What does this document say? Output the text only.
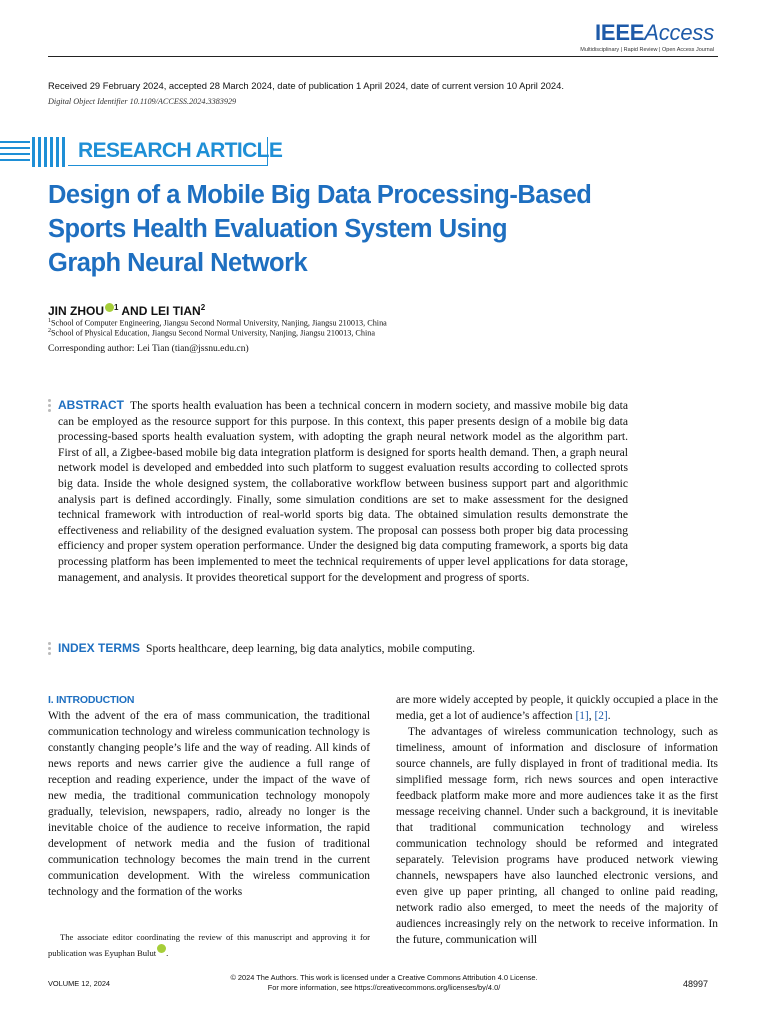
IEEEAccess
Multidisciplinary | Rapid Review | Open Access Journal
Received 29 February 2024, accepted 28 March 2024, date of publication 1 April 2024, date of current version 10 April 2024.
Digital Object Identifier 10.1109/ACCESS.2024.3383929
RESEARCH ARTICLE
Design of a Mobile Big Data Processing-Based
Sports Health Evaluation System Using
Graph Neural Network
JIN ZHOU $^1$ AND LEI TIAN$^2$
$^1$School of Computer Engineering, Jiangsu Second Normal University, Nanjing, Jiangsu 210013, China
$^2$School of Physical Education, Jiangsu Second Normal University, Nanjing, Jiangsu 210013, China
Corresponding author: Lei Tian (tian@jssnu.edu.cn)
ABSTRACT The sports health evaluation has been a technical concern in modern society, and massive mobile big data can be employed as the resource support for this purpose. In this context, this paper presents design of a mobile big data processing-based sports health evaluation system, with adopting the graph neural network model as the algorithm part. First of all, a Zigbee-based mobile big data integration platform is designed for sports health demand. Then, a graph neural network model is developed and embedded into such platform to suggest evaluation results according to collected sprots big data. Inside the whole designed system, the collaborative workflow between business support part and algorithmic analysis part is defined accordingly. Finally, some simulation conditions are set to make assessment for the designed technical framework with introduction of real-world sports big data. The obtained simulation results demonstrate the effectiveness and reliability of the designed evaluation system. The proposal can possess both proper big data processing efficiency and proper system operation performance. Under the designed big data computing framework, a sports big data processing platform has been implemented to meet the technical requirements of upper level applications for data storage, management, and analysis. It provides theoretical support for the development and progress of sports.
INDEX TERMS Sports healthcare, deep learning, big data analytics, mobile computing.
I. INTRODUCTION

With the advent of the era of mass communication, the traditional communication technology and wireless communication technology is constantly changing people’s life and the way of reading. All kinds of news reports and news carrier give the audience a full range of reception and reading experience, under the impact of the wave of new media, the traditional communication technology monopoly gradually, television, newspapers, radio, already no longer is the inevitable choice of the audience to receive information, the rapid development of network media and the fusion of traditional communication technology becomes the main trend in the current communication development. With the wireless communication technology and the formation of the works

are more widely accepted by people, it quickly occupied a place in the media, get a lot of audience’s affection [1], [2].

The advantages of wireless communication technology, such as timeliness, amount of information and disclosure of information source channels, are fully displayed in front of traditional media. Its simplified message form, rich news sources and open interactive feedback platform make more and more audiences take it as the first message receiving channel. Under such a background, it is inevitable that traditional communication technology and wireless communication technology should be reformed and integrated separately. Television programs have produced network viewing channels, newspapers have also launched electronic versions, and even give up paper printing, all changed to online paid reading, network radio also emerged, to meet the needs of the majority of audiences increasingly rely on the network to receive information. In the future, communication will

The associate editor coordinating the review of this manuscript and approving it for publication was Eyuphan Bulut .

© 2024 The Authors. This work is licensed under a Creative Commons Attribution 4.0 License.
For more information, see https://creativecommons.org/licenses/by/4.0/
VOLUME 12, 2024	48997
